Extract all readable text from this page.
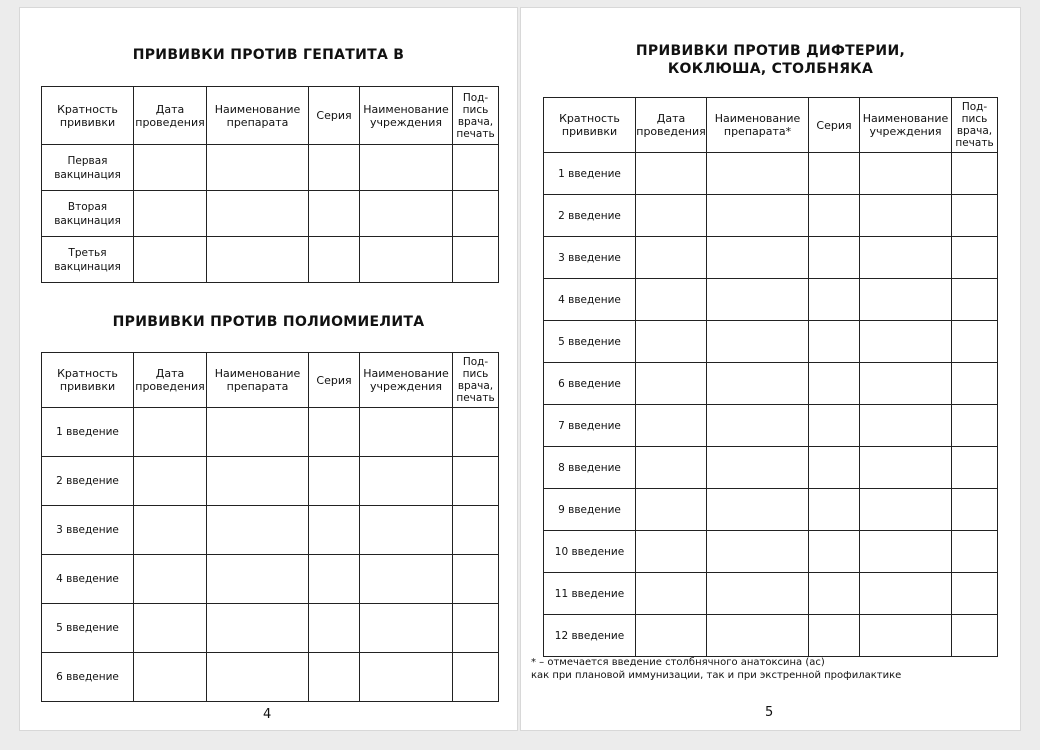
ПРИВИВКИ ПРОТИВ ГЕПАТИТА В
Кратность прививки	Дата проведения	Наименование препарата	Серия	Наименование учреждения	Под-пись врача, печать
Первая вакцинация					
Вторая вакцинация					
Третья вакцинация					
ПРИВИВКИ ПРОТИВ ПОЛИОМИЕЛИТА
Кратность прививки	Дата проведения	Наименование препарата	Серия	Наименование учреждения	Под-пись врача, печать
1 введение					
2 введение					
3 введение					
4 введение					
5 введение					
6 введение					
4
ПРИВИВКИ ПРОТИВ ДИФТЕРИИ,
КОКЛЮША, СТОЛБНЯКА
Кратность прививки	Дата проведения	Наименование препарата*	Серия	Наименование учреждения	Под-пись врача, печать
1 введение					
2 введение					
3 введение					
4 введение					
5 введение					
6 введение					
7 введение					
8 введение					
9 введение					
10 введение					
11 введение					
12 введение					
* – отмечается введение столбнячного анатоксина (ас)
как при плановой иммунизации, так и при экстренной профилактике
5
